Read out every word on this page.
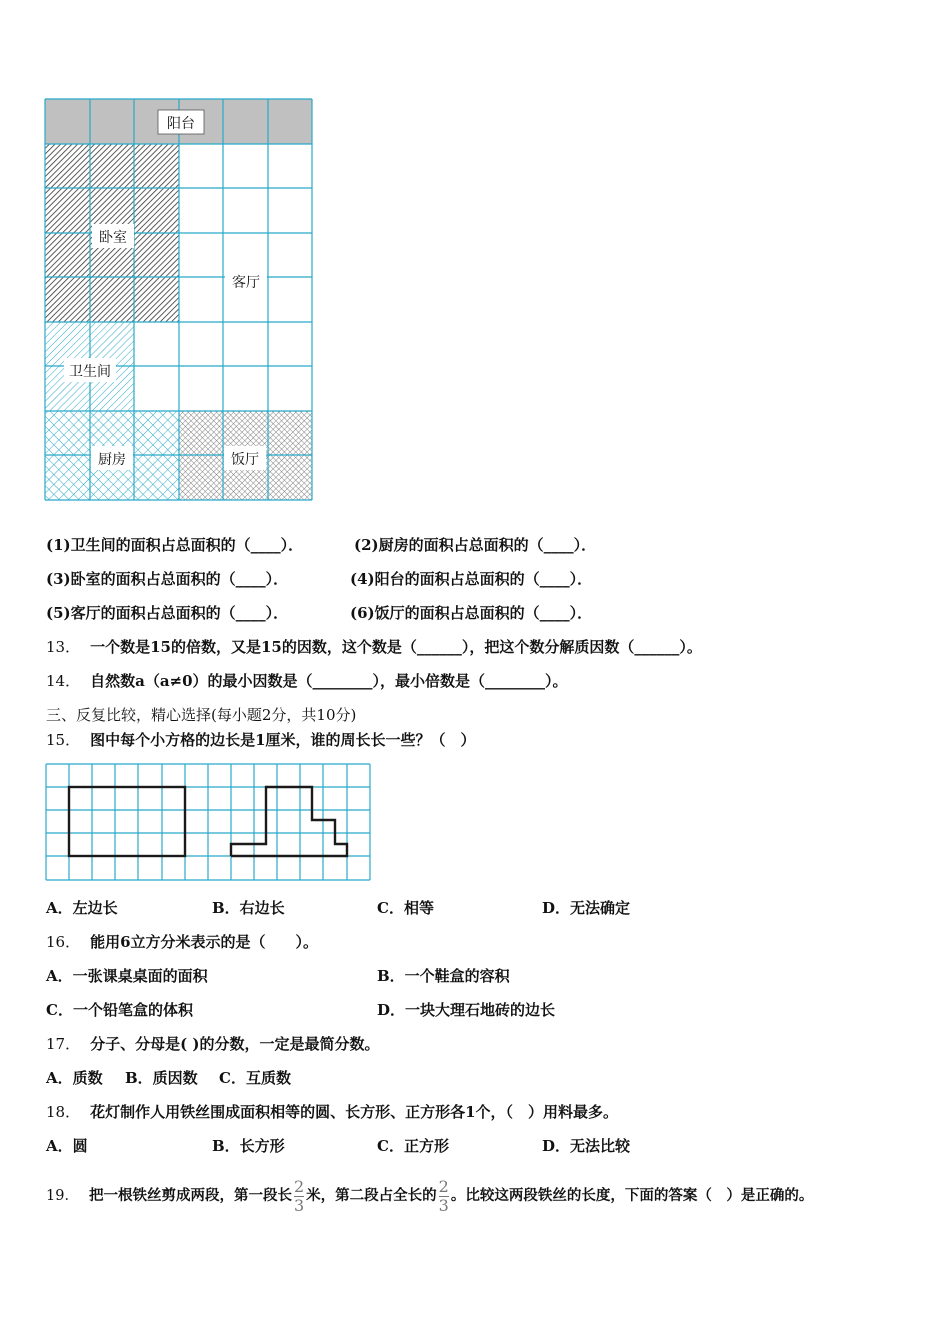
阳台
卧室
客厅
卫生间
厨房	饭厅
(1)卫生间的面积占总面积的（____）．	(2)厨房的面积占总面积的（____）．
(3)卧室的面积占总面积的（____）．	(4)阳台的面积占总面积的（____）．
(5)客厅的面积占总面积的（____）．	(6)饭厅的面积占总面积的（____）．
13． 一个数是15的倍数，又是15的因数，这个数是（______），把这个数分解质因数（______）。
14． 自然数a（a≠0）的最小因数是（________），最小倍数是（________）。
三、反复比较，精心选择(每小题2分，共10分)
15． 图中每个小方格的边长是1厘米，谁的周长长一些？（　）
A．左边长	B．右边长	C．相等	D．无法确定
16． 能用6立方分米表示的是（　　）。
A．一张课桌桌面的面积	B．一个鞋盒的容积
C．一个铅笔盒的体积	D．一块大理石地砖的边长
17． 分子、分母是( )的分数，一定是最简分数。
A．质数 B．质因数 C．互质数
18． 花灯制作人用铁丝围成面积相等的圆、长方形、正方形各1个，（　）用料最多。
A．圆	B．长方形	C．正方形	D．无法比较
19． 把一根铁丝剪成两段，第一段长 $\frac{2}{3}$ 米，第二段占全长的 $\frac{2}{3}$ 。比较这两段铁丝的长度，下面的答案（　）是正确的。
